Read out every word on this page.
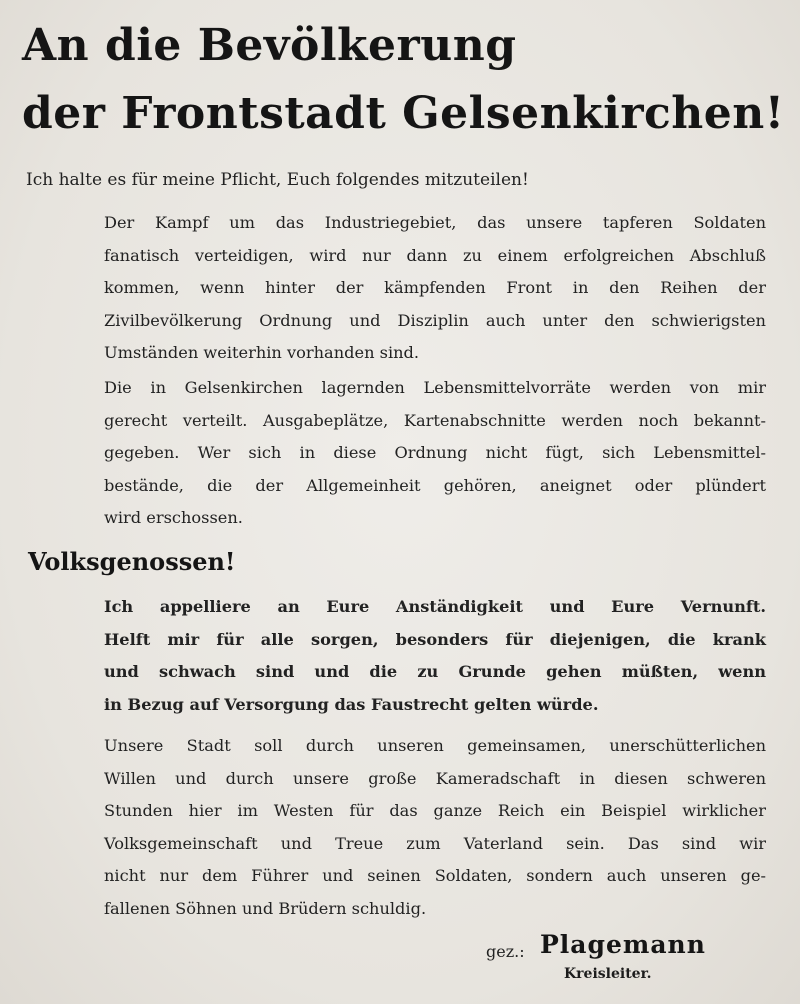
An die Bevölkerung
der Frontstadt Gelsenkirchen!
Ich halte es für meine Pflicht, Euch folgendes mitzuteilen!
Der Kampf um das Industriegebiet, das unsere tapferen Soldaten
fanatisch verteidigen, wird nur dann zu einem erfolgreichen Abschluß
kommen, wenn hinter der kämpfenden Front in den Reihen der
Zivilbevölkerung Ordnung und Disziplin auch unter den schwierigsten
Umständen weiterhin vorhanden sind.
Die in Gelsenkirchen lagernden Lebensmittelvorräte werden von mir
gerecht verteilt. Ausgabeplätze, Kartenabschnitte werden noch bekannt-
gegeben. Wer sich in diese Ordnung nicht fügt, sich Lebensmittel-
bestände, die der Allgemeinheit gehören, aneignet oder plündert
wird erschossen.
Volksgenossen!
Ich appelliere an Eure Anständigkeit und Eure Vernunft.
Helft mir für alle sorgen, besonders für diejenigen, die krank
und schwach sind und die zu Grunde gehen müßten, wenn
in Bezug auf Versorgung das Faustrecht gelten würde.
Unsere Stadt soll durch unseren gemeinsamen, unerschütterlichen
Willen und durch unsere große Kameradschaft in diesen schweren
Stunden hier im Westen für das ganze Reich ein Beispiel wirklicher
Volksgemeinschaft und Treue zum Vaterland sein. Das sind wir
nicht nur dem Führer und seinen Soldaten, sondern auch unseren ge-
fallenen Söhnen und Brüdern schuldig.
gez.: Plagemann
Kreisleiter.
